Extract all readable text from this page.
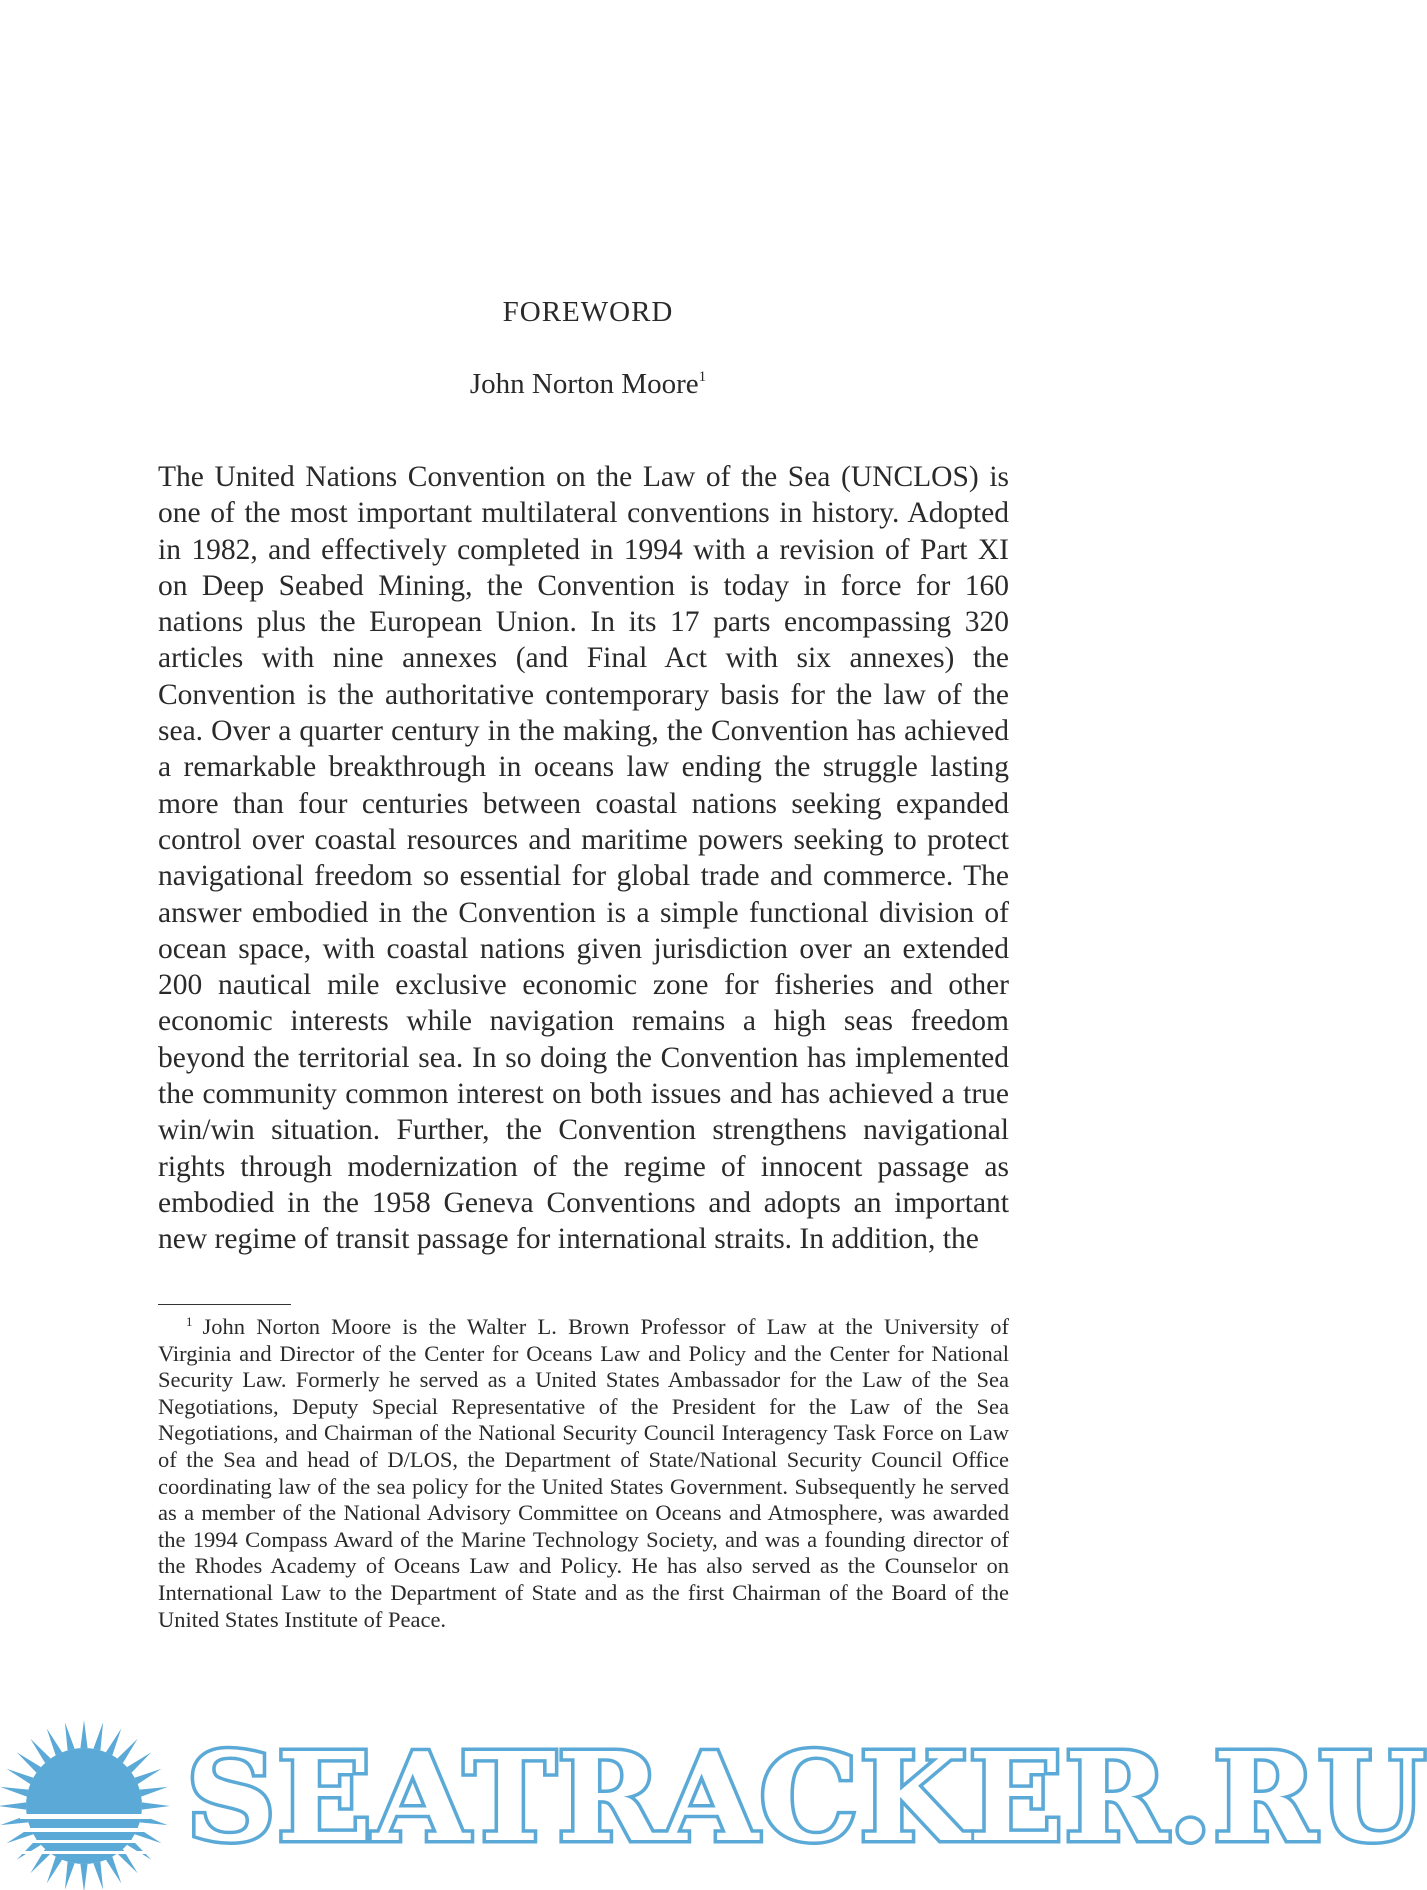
FOREWORD
John Norton Moore$^1$

The United Nations Convention on the Law of the Sea (UNCLOS) is one of the most important multilateral conventions in history. Adopted in 1982, and effectively completed in 1994 with a revision of Part XI on Deep Seabed Mining, the Convention is today in force for 160 nations plus the European Union. In its 17 parts encompassing 320 articles with nine annexes (and Final Act with six annexes) the Convention is the authoritative contemporary basis for the law of the sea. Over a quarter century in the making, the Convention has achieved a remarkable breakthrough in oceans law ending the struggle lasting more than four centuries between coastal nations seeking expanded control over coastal resources and maritime powers seeking to protect navigational freedom so essential for global trade and commerce. The answer embodied in the Convention is a simple functional division of ocean space, with coastal nations given jurisdiction over an extended 200 nautical mile exclusive economic zone for fisheries and other economic interests while navigation remains a high seas freedom beyond the territorial sea. In so doing the Convention has implemented the community common interest on both issues and has achieved a true win/win situation. Further, the Convention strengthens navigational rights through modernization of the regime of innocent passage as embodied in the 1958 Geneva Conventions and adopts an important new regime of transit passage for international straits. In addition, the

$^1$ John Norton Moore is the Walter L. Brown Professor of Law at the University of Virginia and Director of the Center for Oceans Law and Policy and the Center for National Security Law. Formerly he served as a United States Ambassador for the Law of the Sea Negotiations, Deputy Special Representative of the President for the Law of the Sea Negotiations, and Chairman of the National Security Council Interagency Task Force on Law of the Sea and head of D/LOS, the Department of State/National Security Council Office coordinating law of the sea policy for the United States Government. Subsequently he served as a member of the National Advisory Committee on Oceans and Atmosphere, was awarded the 1994 Compass Award of the Marine Technology Society, and was a founding director of the Rhodes Academy of Oceans Law and Policy. He has also served as the Counselor on International Law to the Department of State and as the first Chairman of the Board of the United States Institute of Peace.

SEATRACKER.RU
